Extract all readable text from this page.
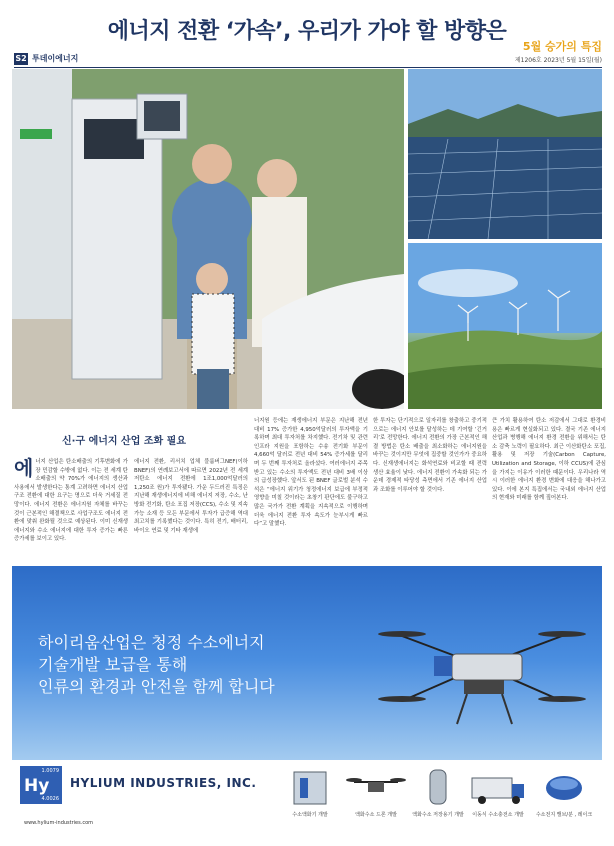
에너지 전환 ‘가속’, 우리가 가야 할 방향은
S2 투데이에너지
5월 승가의 특집
제1206호 2023년 5월 15일(월)
신·구 에너지 산업 조화 필요
에 너지 산업은 탄소배출의 기후변화에 가장 민감할 수밖에 없다. 이는 전 세계 탄소배출의 약 70%가 에너지의 생산과 사용에서 발생한다는 통계 고려하면 에너지 산업 구조 전환에 대한 요구는 명으로 더욱 거세질 전망이다. 에너지 전환은 에너지원 자체를 바꾸는 것이 근본적인 해결책으로 사업구조도 에너지 전환에 맞춰 완화될 것으로 예상된다. 이미 신재생 에너지와 수소 에너지에 대한 투자 증가는 빠른 증가세를 보이고 있다.
에너지 전환, 리서치 업체 블룸버그NEF(이하 BNEF)의 연례보고서에 따르면 2022년 전 세계 저탄소 에너지 전환에 1조1,000억달러의 1,250조 원)가 투자됐다. 가운 두드러진 특징은 지난해 재생에너지에 비해 에너지 저장, 수소, 난방화 전기화, 탄소 포집 저장(CCS), 수소 및 지속가능 소재 등 모든 부문에서 투자가 급증해 역대 최고치를 기록했다는 것이다. 특히 전기, 배터리, 바이오 연료 및 기타 재생에
너지원 등에는 재생에너지 부문은 지난해 전년 대비 17% 증가한 4,950억달러의 투자액을 기록하며 최대 투자처를 차지했다. 전기차 및 관련 인프라 지원을 포함하는 수송 전기화 부문이 4,660억 달러로 전년 대비 54% 증가세를 달리며 두 번째 투자처로 올라섰다. 여러에너지 주목받고 있는 수소의 투자액도 전년 대비 3배 이상의 급성장했다. 앞서도 된 BNEF 글로벌 분석 수석은 “에너지 위기가 청정에너지 보급에 부정적 영향을 미칠 것이라는 초창기 판단에도 불구하고 많은 국가가 전환 계획을 지속적으로 이행하며 더욱 에너지 전환 투자 속도가 눈부시게 빠르다”고 말했다.
한 투자는 단기적으로 일자리를 창출하고 중기적으로는 에너지 안보를 달성하는 데 기여할 ‘긴거리’로 전망한다. 에너지 전환의 가장 근본적인 해결 방법은 탄소 배출을 최소화하는 에너지원을 바꾸는 것이지만 무엇에 집중할 것인가가 중요하다. 신재생에너지는 화석연료와 비교할 때 전력 생산 효율이 낮다. 에너지 전환이 가속화 되는 가운데 경제적 타당성 측면에서 기존 에너지 산업과 조화를 이루어야 할 것이다.
큰 가치 활용하여 탄소 저감에서 그대로 환경비용은 빠르게 현실화되고 있다. 결국 기존 에너지 산업과 병행해 에너지 환경 전환을 위해서는 탄소 감축 노력이 필요하다. 최근 이산화탄소 포집, 활용 및 저장 기술(Carbon Capture, Utilization and Storage, 이하 CCUS)에 관심을 가지는 이유가 이러한 때문이다. 우리나라 역시 이러한 에너지 환경 변화에 대응을 해나가고 있다. 이에 본지 특집에서는 국내외 에너지 산업의 현재와 미래를 함께 짚어본다.
하이리움산업은 청정 수소에너지
기술개발 보급을 통해
인류의 환경과 안전을 함께 합니다
1.0079
Hy
4.0026
HYLIUM INDUSTRIES, INC.
www.hylium-industries.com
수소액화기 개발	액화수소 드론 개발	액화수소 저장용기 개발	이동식 수소충전소 개발	수소전지 밸브/분 , 레이크
